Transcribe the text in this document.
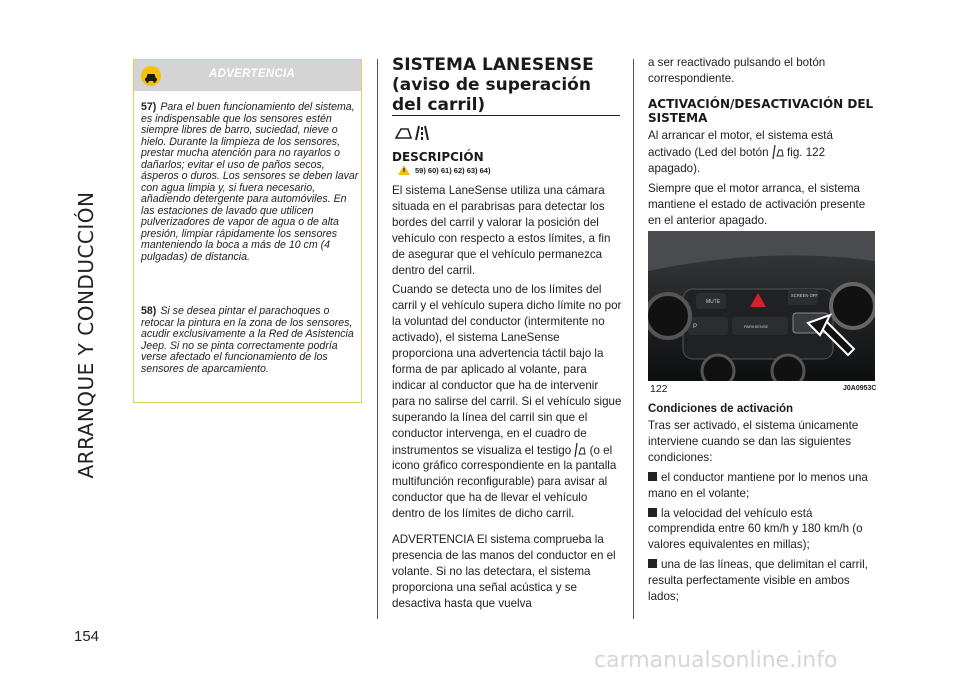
ARRANQUE Y CONDUCCIÓN
154
ADVERTENCIA
57) Para el buen funcionamiento del sistema, es indispensable que los sensores estén siempre libres de barro, suciedad, nieve o hielo. Durante la limpieza de los sensores, prestar mucha atención para no rayarlos o dañarlos; evitar el uso de paños secos, ásperos o duros. Los sensores se deben lavar con agua limpia y, si fuera necesario, añadiendo detergente para automóviles. En las estaciones de lavado que utilicen pulverizadores de vapor de agua o de alta presión, limpiar rápidamente los sensores manteniendo la boca a más de 10 cm (4 pulgadas) de distancia.
58) Si se desea pintar el parachoques o retocar la pintura en la zona de los sensores, acudir exclusivamente a la Red de Asistencia Jeep. Si no se pinta correctamente podría verse afectado el funcionamiento de los sensores de aparcamiento.
SISTEMA LANESENSE (aviso de superación del carril)
DESCRIPCIÓN
59) 60) 61) 62) 63) 64)

El sistema LaneSense utiliza una cámara situada en el parabrisas para detectar los bordes del carril y valorar la posición del vehículo con respecto a estos límites, a fin de asegurar que el vehículo permanezca dentro del carril.

Cuando se detecta uno de los límites del carril y el vehículo supera dicho límite no por la voluntad del conductor (intermitente no activado), el sistema LaneSense proporciona una advertencia táctil bajo la forma de par aplicado al volante, para indicar al conductor que ha de intervenir para no salirse del carril. Si el vehículo sigue superando la línea del carril sin que el conductor intervenga, en el cuadro de instrumentos se visualiza el testigo (o el icono gráfico correspondiente en la pantalla multifunción reconfigurable) para avisar al conductor que ha de llevar el vehículo dentro de los límites de dicho carril.

ADVERTENCIA El sistema comprueba la presencia de las manos del conductor en el volante. Si no las detectara, el sistema proporciona una señal acústica y se desactiva hasta que vuelva

a ser reactivado pulsando el botón correspondiente.

ACTIVACIÓN/DESACTIVACIÓN DEL SISTEMA

Al arrancar el motor, el sistema está activado (Led del botón fig. 122 apagado).

Siempre que el motor arranca, el sistema mantiene el estado de activación presente en el anterior apagado.

MUTE
SCREEN OFF
P	PARKSENSE
122	J0A0953C
Condiciones de activación

Tras ser activado, el sistema únicamente interviene cuando se dan las siguientes condiciones:

el conductor mantiene por lo menos una mano en el volante;

la velocidad del vehículo está comprendida entre 60 km/h y 180 km/h (o valores equivalentes en millas);

una de las líneas, que delimitan el carril, resulta perfectamente visible en ambos lados;

carmanualsonline.info
